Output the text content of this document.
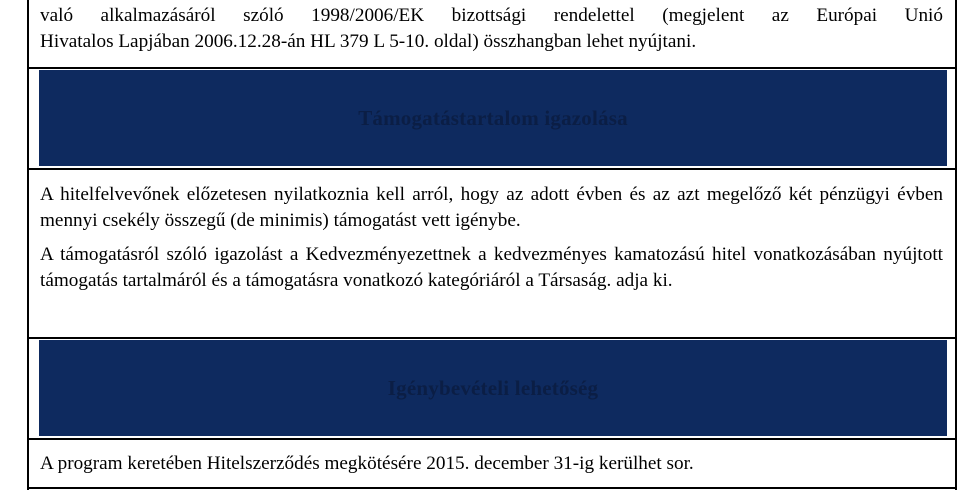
való alkalmazásáról szóló 1998/2006/EK bizottsági rendelettel (megjelent az Európai Unió
Hivatalos Lapjában 2006.12.28-án HL 379 L 5-10. oldal) összhangban lehet nyújtani.
Támogatástartalom igazolása

A hitelfelvevőnek előzetesen nyilatkoznia kell arról, hogy az adott évben és az azt megelőző két pénzügyi évben mennyi csekély összegű (de minimis) támogatást vett igénybe.

A támogatásról szóló igazolást a Kedvezményezettnek a kedvezményes kamatozású hitel vonatkozásában nyújtott támogatás tartalmáról és a támogatásra vonatkozó kategóriáról a Társaság. adja ki.

Igénybevételi lehetőség

A program keretében Hitelszerződés megkötésére 2015. december 31-ig kerülhet sor.
